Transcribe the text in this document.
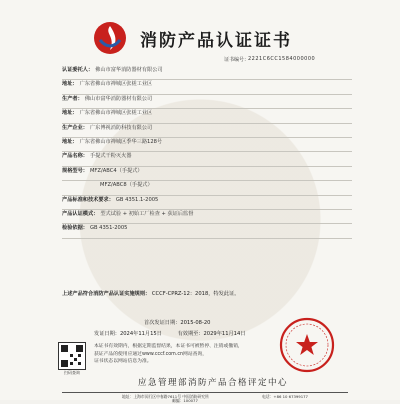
消防产品认证证书
证书编号：
2221C6CC1584000000
认证委托人： 佛山市富华消防器材有限公司
地址： 广东省佛山市禅城区张槎工业区
生产者： 佛山市富华消防器材有限公司
地址： 广东省佛山市禅城区张槎工业区
生产企业： 广东博视消防科技有限公司
地址： 广东省佛山市禅城区季华三路128号
产品名称： 手提式干粉灭火器
规格型号： MFZ/ABC4（手提式）
MFZ/ABC8（手提式）
产品标准和技术要求： GB 4351.1-2005
产品认证模式： 型式试验 + 初始工厂检查 + 获证后监督
检验依据： GB 4351-2005
上述产品符合消防产品认证实施规则： CCCF-CPRZ-12：2018，特发此证。
首次发证日期：2015-08-20
发证日期：2024年11月15日	有效期至：2029年11月14日
扫码查询
本证书有效期内，根据定期监督结果，本证书可被暂停、注销或撤销，
获证产品的使用应通过www.cccf.com.cn网站查询，
证书状态以网站信息为准。
应急管理部消防产品合格评定中心
地址：上海市闵行区中春路7611号 中国消防研究所	电话：+86 10 67399177
邮编：100077
